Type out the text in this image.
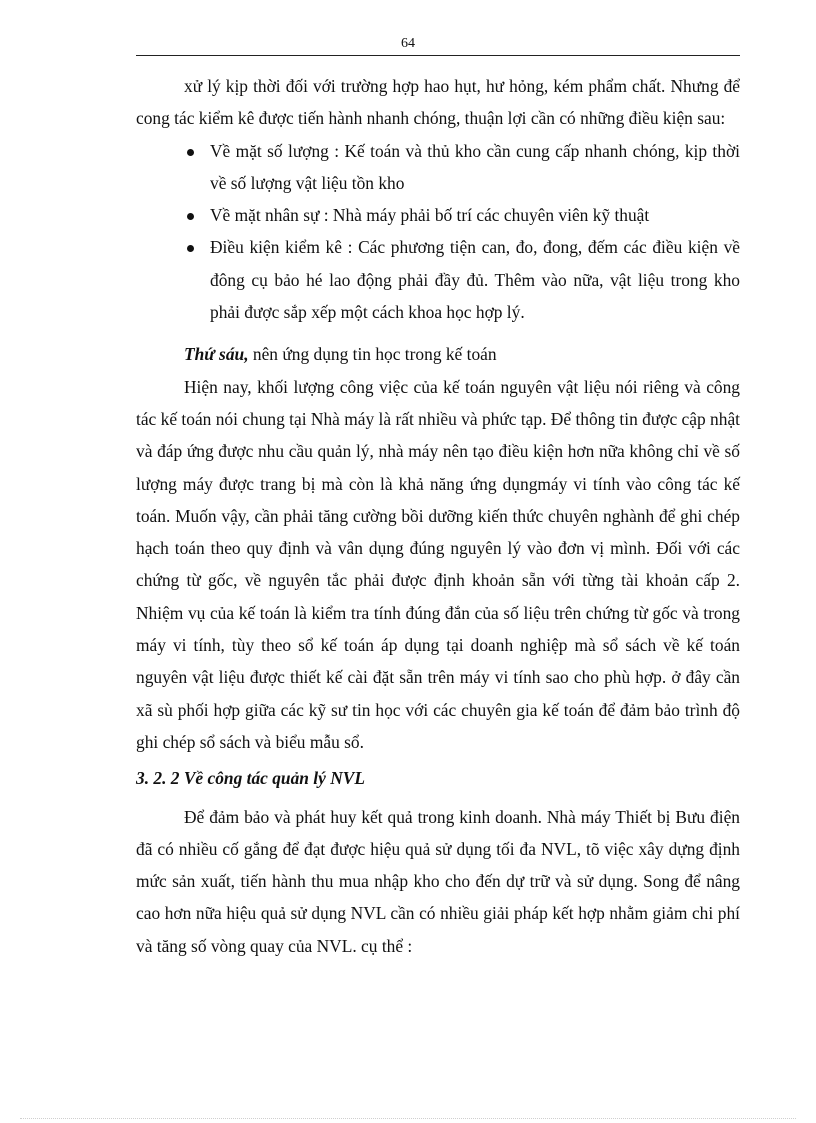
64

xử lý kịp thời đối với trường hợp hao hụt, hư hỏng, kém phẩm chất. Nhưng để cong tác kiểm kê được tiến hành nhanh chóng, thuận lợi cần có những điều kiện sau:

Về mặt số lượng : Kế toán và thủ kho cần cung cấp nhanh chóng, kịp thời về số lượng vật liệu tồn kho
Về mặt nhân sự : Nhà máy phải bố trí các chuyên viên kỹ thuật
Điều kiện kiểm kê : Các phương tiện can, đo, đong, đếm các điều kiện về đông cụ bảo hé lao động phải đầy đủ. Thêm vào nữa, vật liệu trong kho phải được sắp xếp một cách khoa học hợp lý.

Thứ sáu, nên ứng dụng tin học trong kế toán

Hiện nay, khối lượng công việc của kế toán nguyên vật liệu nói riêng và công tác kế toán nói chung tại Nhà máy là rất nhiều và phức tạp. Để thông tin được cập nhật và đáp ứng được nhu cầu quản lý, nhà máy nên tạo điều kiện hơn nữa không chỉ về số lượng máy được trang bị mà còn là khả năng ứng dụngmáy vi tính vào công tác kế toán. Muốn vậy, cần phải tăng cường bồi dưỡng kiến thức chuyên nghành để ghi chép hạch toán theo quy định và vân dụng đúng nguyên lý vào đơn vị mình. Đối với các chứng từ gốc, về nguyên tắc phải được định khoản sẵn với từng tài khoản cấp 2. Nhiệm vụ của kế toán là kiểm tra tính đúng đắn của số liệu trên chứng từ gốc và trong máy vi tính, tùy theo sổ kế toán áp dụng tại doanh nghiệp mà sổ sách về kế toán nguyên vật liệu được thiết kế cài đặt sẵn trên máy vi tính sao cho phù hợp. ở đây cần xã sù phối hợp giữa các kỹ sư tin học với các chuyên gia kế toán để đảm bảo trình độ ghi chép sổ sách và biểu mẫu sổ.

3. 2. 2 Về công tác quản lý NVL

Để đảm bảo và phát huy kết quả trong kinh doanh. Nhà máy Thiết bị Bưu điện đã có nhiều cố gắng để đạt được hiệu quả sử dụng tối đa NVL, tõ việc xây dựng định mức sản xuất, tiến hành thu mua nhập kho cho đến dự trữ và sử dụng. Song để nâng cao hơn nữa hiệu quả sử dụng NVL cần có nhiều giải pháp kết hợp nhằm giảm chi phí và tăng số vòng quay của NVL. cụ thể :
